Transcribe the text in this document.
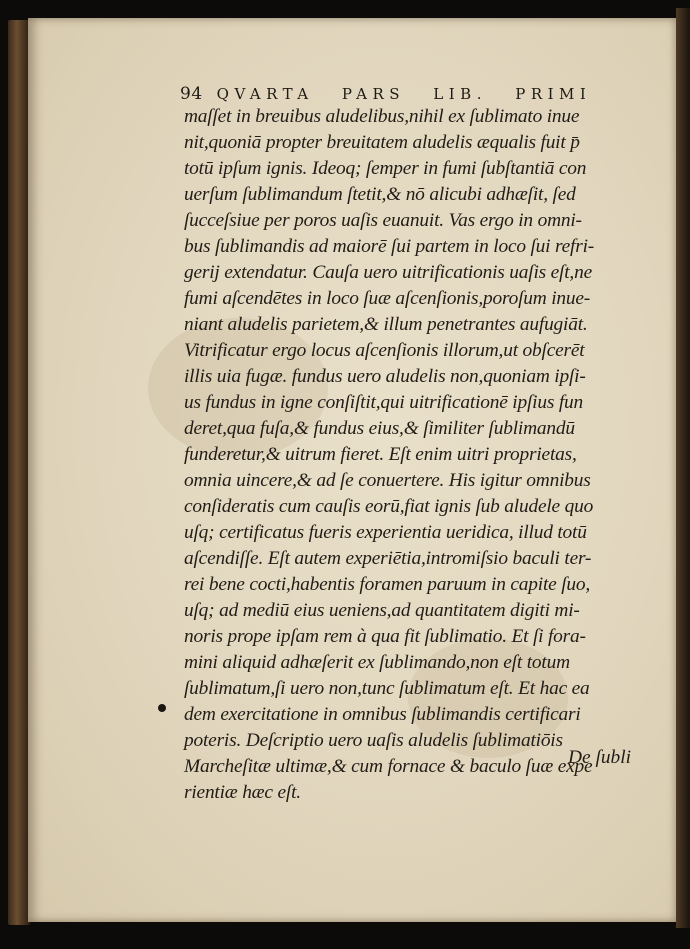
94 QVARTA PARS LIB. PRIMI
maſſet in breuibus aludelibus,nihil ex ſublimato inue
nit,quoniā propter breuitatem aludelis æqualis fuit p̄
totū ipſum ignis. Ideoq; ſemper in fumi ſubſtantiā con
uerſum ſublimandum ſtetit,& nō alicubi adhæſit, ſed
ſucceſsiue per poros uaſis euanuit. Vas ergo in omni-
bus ſublimandis ad maiorē ſui partem in loco ſui refri-
gerij extendatur. Cauſa uero uitrificationis uaſis eſt,ne
fumi aſcendētes in loco ſuæ aſcenſionis,poroſum inue-
niant aludelis parietem,& illum penetrantes aufugiāt.
Vitrificatur ergo locus aſcenſionis illorum,ut obſcerēt
illis uia fugæ. fundus uero aludelis non,quoniam ipſi-
us fundus in igne conſiſtit,qui uitrificationē ipſius fun
deret,qua fuſa,& fundus eius,& ſimiliter ſublimandū
funderetur,& uitrum fieret. Eſt enim uitri proprietas,
omnia uincere,& ad ſe conuertere. His igitur omnibus
conſideratis cum cauſis eorū,fiat ignis ſub aludele quo
uſq; certificatus fueris experientia ueridica, illud totū
aſcendiſſe. Eſt autem experiētia,intromiſsio baculi ter-
rei bene cocti,habentis foramen paruum in capite ſuo,
uſq; ad mediū eius ueniens,ad quantitatem digiti mi-
noris prope ipſam rem à qua fit ſublimatio. Et ſi fora-
mini aliquid adhæſerit ex ſublimando,non eſt totum
ſublimatum,ſi uero non,tunc ſublimatum eſt. Et hac ea
dem exercitatione in omnibus ſublimandis certificari
poteris. Deſcriptio uero uaſis aludelis ſublimatiōis
Marcheſitæ ultimæ,& cum fornace & baculo ſuæ expe
rientiæ hæc eſt.
De ſubli
